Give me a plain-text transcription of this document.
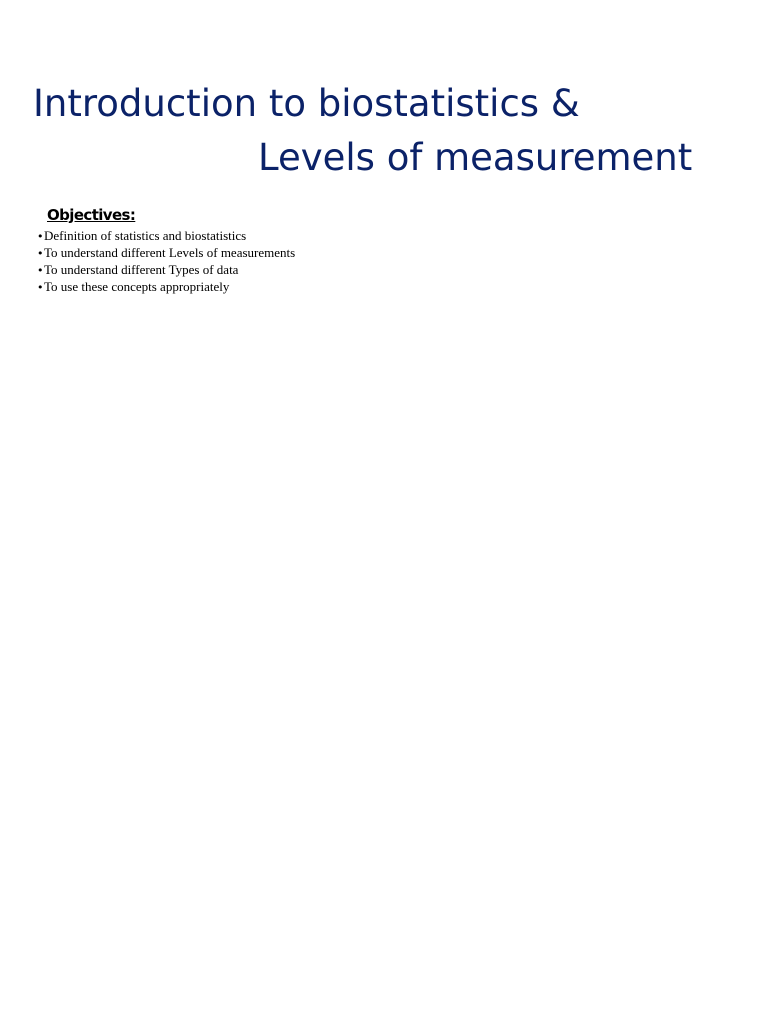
Introduction to biostatistics &
Levels of measurement
Objectives:
• Definition of statistics and biostatistics
• To understand different Levels of measurements
• To understand different Types of data
• To use these concepts appropriately
